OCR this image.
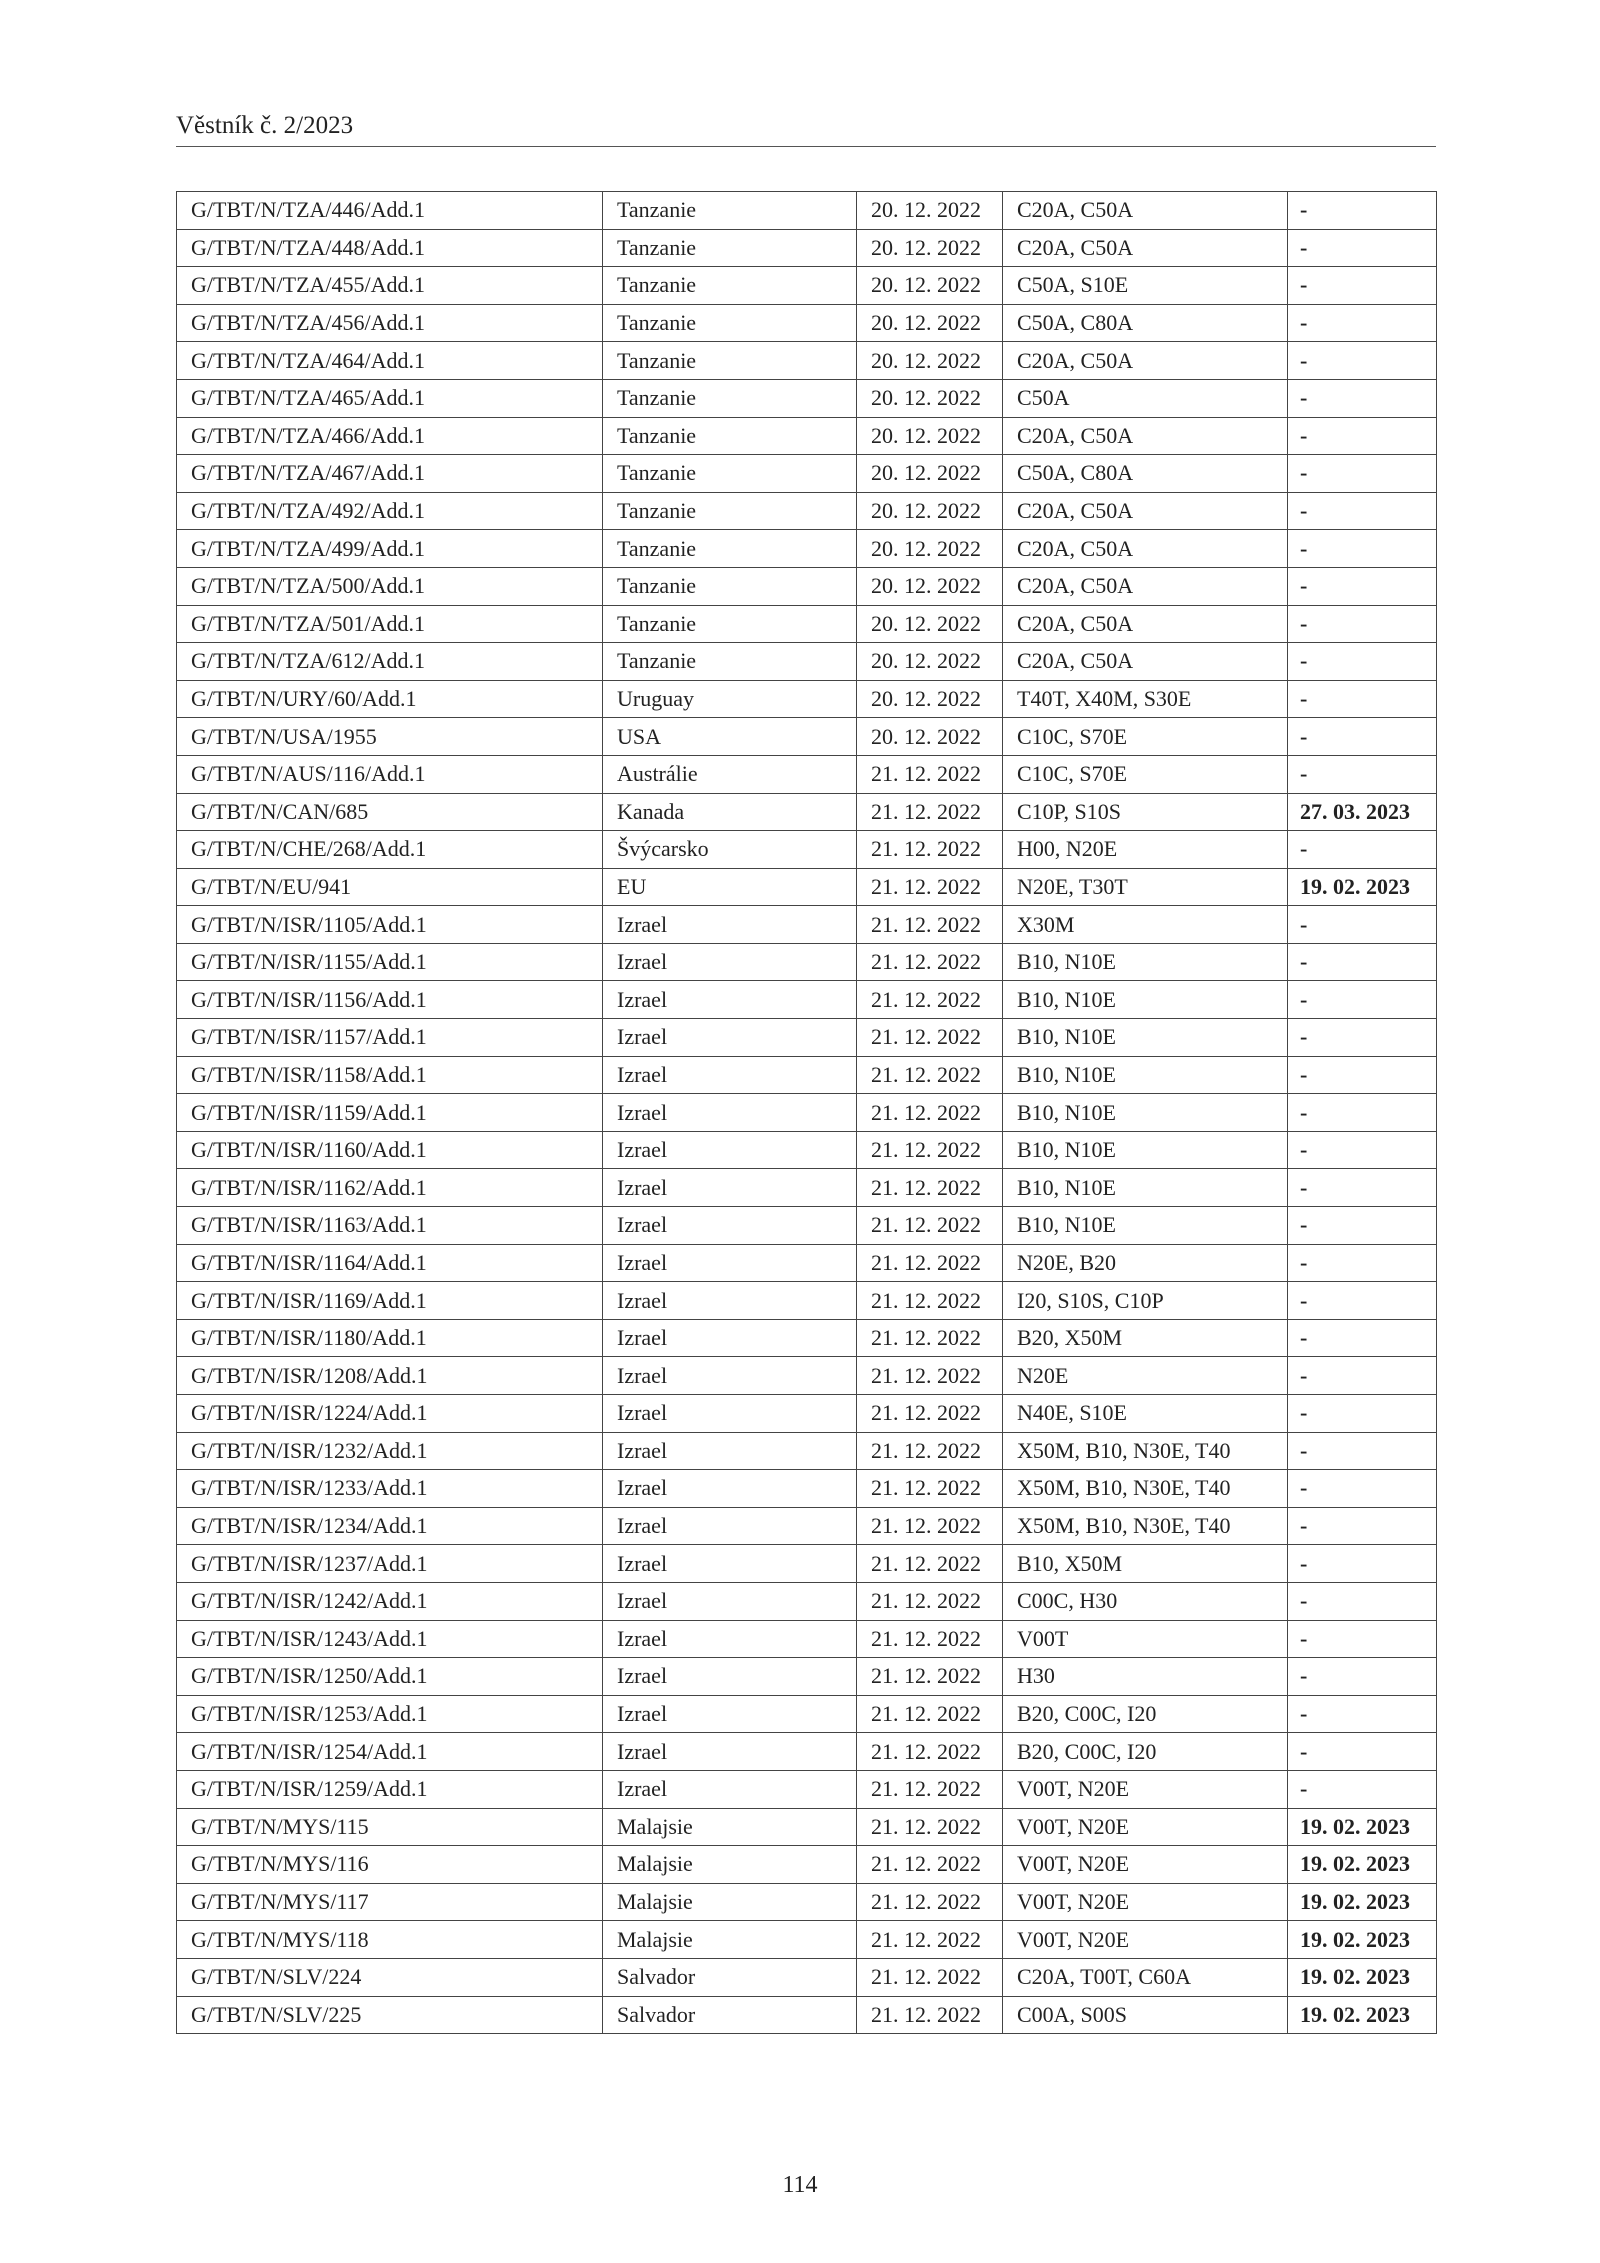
Věstník č. 2/2023
G/TBT/N/TZA/446/Add.1	Tanzanie	20. 12. 2022	C20A, C50A	-
G/TBT/N/TZA/448/Add.1	Tanzanie	20. 12. 2022	C20A, C50A	-
G/TBT/N/TZA/455/Add.1	Tanzanie	20. 12. 2022	C50A, S10E	-
G/TBT/N/TZA/456/Add.1	Tanzanie	20. 12. 2022	C50A, C80A	-
G/TBT/N/TZA/464/Add.1	Tanzanie	20. 12. 2022	C20A, C50A	-
G/TBT/N/TZA/465/Add.1	Tanzanie	20. 12. 2022	C50A	-
G/TBT/N/TZA/466/Add.1	Tanzanie	20. 12. 2022	C20A, C50A	-
G/TBT/N/TZA/467/Add.1	Tanzanie	20. 12. 2022	C50A, C80A	-
G/TBT/N/TZA/492/Add.1	Tanzanie	20. 12. 2022	C20A, C50A	-
G/TBT/N/TZA/499/Add.1	Tanzanie	20. 12. 2022	C20A, C50A	-
G/TBT/N/TZA/500/Add.1	Tanzanie	20. 12. 2022	C20A, C50A	-
G/TBT/N/TZA/501/Add.1	Tanzanie	20. 12. 2022	C20A, C50A	-
G/TBT/N/TZA/612/Add.1	Tanzanie	20. 12. 2022	C20A, C50A	-
G/TBT/N/URY/60/Add.1	Uruguay	20. 12. 2022	T40T, X40M, S30E	-
G/TBT/N/USA/1955	USA	20. 12. 2022	C10C, S70E	-
G/TBT/N/AUS/116/Add.1	Austrálie	21. 12. 2022	C10C, S70E	-
G/TBT/N/CAN/685	Kanada	21. 12. 2022	C10P, S10S	27. 03. 2023
G/TBT/N/CHE/268/Add.1	Švýcarsko	21. 12. 2022	H00, N20E	-
G/TBT/N/EU/941	EU	21. 12. 2022	N20E, T30T	19. 02. 2023
G/TBT/N/ISR/1105/Add.1	Izrael	21. 12. 2022	X30M	-
G/TBT/N/ISR/1155/Add.1	Izrael	21. 12. 2022	B10, N10E	-
G/TBT/N/ISR/1156/Add.1	Izrael	21. 12. 2022	B10, N10E	-
G/TBT/N/ISR/1157/Add.1	Izrael	21. 12. 2022	B10, N10E	-
G/TBT/N/ISR/1158/Add.1	Izrael	21. 12. 2022	B10, N10E	-
G/TBT/N/ISR/1159/Add.1	Izrael	21. 12. 2022	B10, N10E	-
G/TBT/N/ISR/1160/Add.1	Izrael	21. 12. 2022	B10, N10E	-
G/TBT/N/ISR/1162/Add.1	Izrael	21. 12. 2022	B10, N10E	-
G/TBT/N/ISR/1163/Add.1	Izrael	21. 12. 2022	B10, N10E	-
G/TBT/N/ISR/1164/Add.1	Izrael	21. 12. 2022	N20E, B20	-
G/TBT/N/ISR/1169/Add.1	Izrael	21. 12. 2022	I20, S10S, C10P	-
G/TBT/N/ISR/1180/Add.1	Izrael	21. 12. 2022	B20, X50M	-
G/TBT/N/ISR/1208/Add.1	Izrael	21. 12. 2022	N20E	-
G/TBT/N/ISR/1224/Add.1	Izrael	21. 12. 2022	N40E, S10E	-
G/TBT/N/ISR/1232/Add.1	Izrael	21. 12. 2022	X50M, B10, N30E, T40	-
G/TBT/N/ISR/1233/Add.1	Izrael	21. 12. 2022	X50M, B10, N30E, T40	-
G/TBT/N/ISR/1234/Add.1	Izrael	21. 12. 2022	X50M, B10, N30E, T40	-
G/TBT/N/ISR/1237/Add.1	Izrael	21. 12. 2022	B10, X50M	-
G/TBT/N/ISR/1242/Add.1	Izrael	21. 12. 2022	C00C, H30	-
G/TBT/N/ISR/1243/Add.1	Izrael	21. 12. 2022	V00T	-
G/TBT/N/ISR/1250/Add.1	Izrael	21. 12. 2022	H30	-
G/TBT/N/ISR/1253/Add.1	Izrael	21. 12. 2022	B20, C00C, I20	-
G/TBT/N/ISR/1254/Add.1	Izrael	21. 12. 2022	B20, C00C, I20	-
G/TBT/N/ISR/1259/Add.1	Izrael	21. 12. 2022	V00T, N20E	-
G/TBT/N/MYS/115	Malajsie	21. 12. 2022	V00T, N20E	19. 02. 2023
G/TBT/N/MYS/116	Malajsie	21. 12. 2022	V00T, N20E	19. 02. 2023
G/TBT/N/MYS/117	Malajsie	21. 12. 2022	V00T, N20E	19. 02. 2023
G/TBT/N/MYS/118	Malajsie	21. 12. 2022	V00T, N20E	19. 02. 2023
G/TBT/N/SLV/224	Salvador	21. 12. 2022	C20A, T00T, C60A	19. 02. 2023
G/TBT/N/SLV/225	Salvador	21. 12. 2022	C00A, S00S	19. 02. 2023
114
